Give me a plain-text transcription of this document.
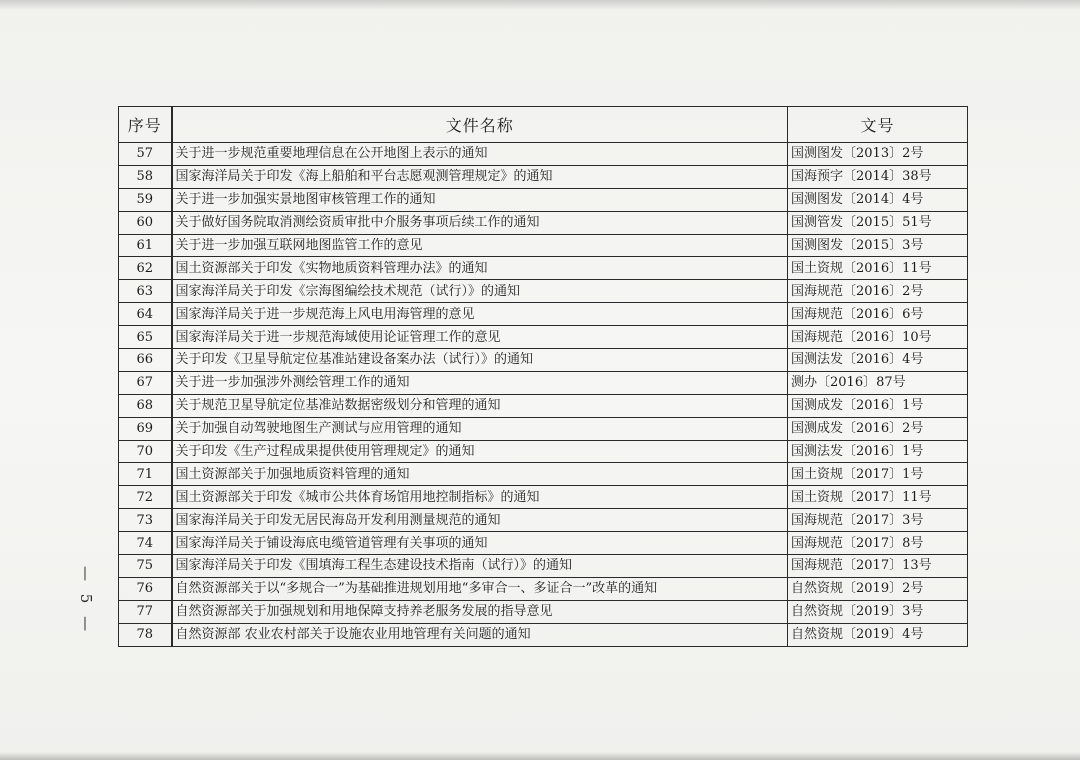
序号	文件名称	文号
57	关于进一步规范重要地理信息在公开地图上表示的通知	国测图发〔2013〕2号
58	国家海洋局关于印发《海上船舶和平台志愿观测管理规定》的通知	国海预字〔2014〕38号
59	关于进一步加强实景地图审核管理工作的通知	国测图发〔2014〕4号
60	关于做好国务院取消测绘资质审批中介服务事项后续工作的通知	国测管发〔2015〕51号
61	关于进一步加强互联网地图监管工作的意见	国测图发〔2015〕3号
62	国土资源部关于印发《实物地质资料管理办法》的通知	国土资规〔2016〕11号
63	国家海洋局关于印发《宗海图编绘技术规范（试行）》的通知	国海规范〔2016〕2号
64	国家海洋局关于进一步规范海上风电用海管理的意见	国海规范〔2016〕6号
65	国家海洋局关于进一步规范海域使用论证管理工作的意见	国海规范〔2016〕10号
66	关于印发《卫星导航定位基准站建设备案办法（试行）》的通知	国测法发〔2016〕4号
67	关于进一步加强涉外测绘管理工作的通知	测办〔2016〕87号
68	关于规范卫星导航定位基准站数据密级划分和管理的通知	国测成发〔2016〕1号
69	关于加强自动驾驶地图生产测试与应用管理的通知	国测成发〔2016〕2号
70	关于印发《生产过程成果提供使用管理规定》的通知	国测法发〔2016〕1号
71	国土资源部关于加强地质资料管理的通知	国土资规〔2017〕1号
72	国土资源部关于印发《城市公共体育场馆用地控制指标》的通知	国土资规〔2017〕11号
73	国家海洋局关于印发无居民海岛开发利用测量规范的通知	国海规范〔2017〕3号
74	国家海洋局关于铺设海底电缆管道管理有关事项的通知	国海规范〔2017〕8号
75	国家海洋局关于印发《围填海工程生态建设技术指南（试行）》的通知	国海规范〔2017〕13号
76	自然资源部关于以“多规合一”为基础推进规划用地“多审合一、多证合一”改革的通知	自然资规〔2019〕2号
77	自然资源部关于加强规划和用地保障支持养老服务发展的指导意见	自然资规〔2019〕3号
78	自然资源部 农业农村部关于设施农业用地管理有关问题的通知	自然资规〔2019〕4号
— 5 —
